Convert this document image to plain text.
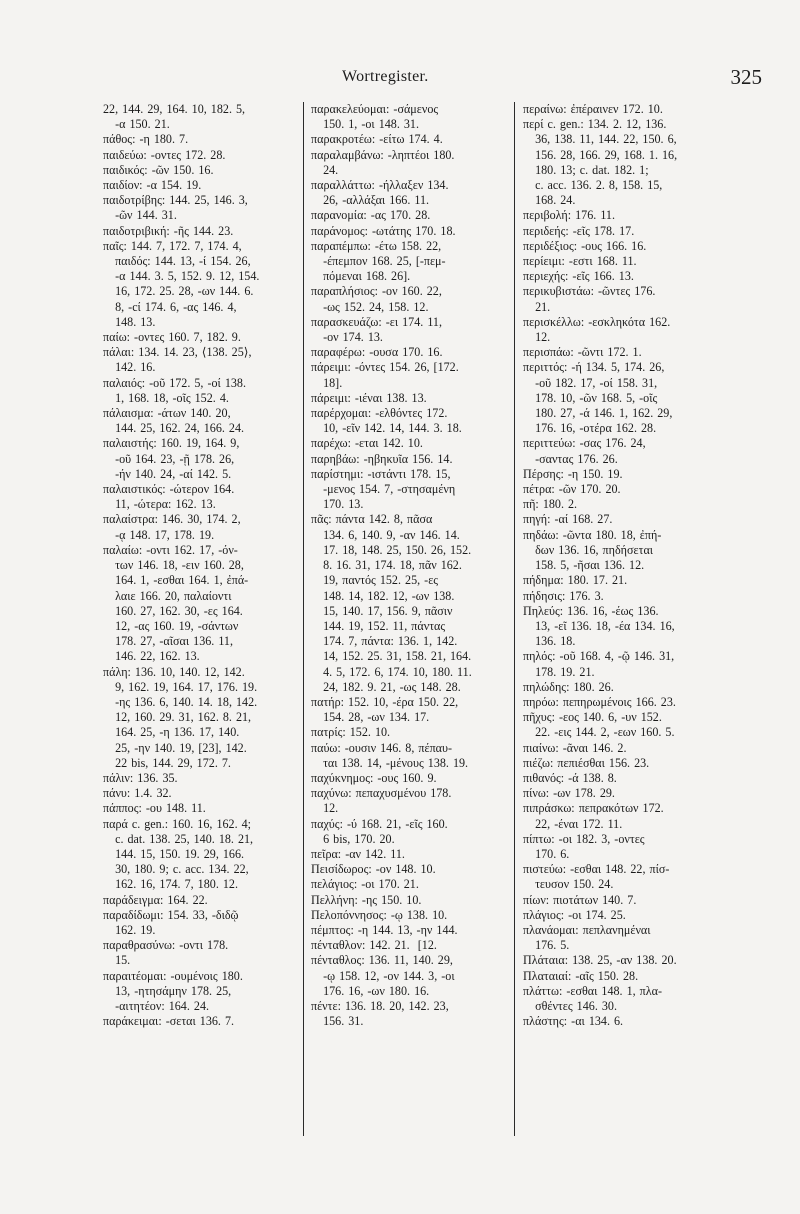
Wortregister.	325
22, 144. 29, 164. 10, 182. 5,
-α 150. 21.
πάθος: -η 180. 7.
παιδεύω: -οντες 172. 28.
παιδικός: -ῶν 150. 16.
παιδίον: -α 154. 19.
παιδοτρίβης: 144. 25, 146. 3,
-ῶν 144. 31.
παιδοτριβική: -ῆς 144. 23.
παῖς: 144. 7, 172. 7, 174. 4,
παιδός: 144. 13, -ί 154. 26,
-α 144. 3. 5, 152. 9. 12, 154.
16, 172. 25. 28, -ων 144. 6.
8, -cί 174. 6, -ας 146. 4,
148. 13.
παίω: -οντες 160. 7, 182. 9.
πάλαι: 134. 14. 23, ⟨138. 25⟩,
142. 16.
παλαιός: -οῦ 172. 5, -οί 138.
1, 168. 18, -οῖς 152. 4.
πάλαισμα: -άτων 140. 20,
144. 25, 162. 24, 166. 24.
παλαιστής: 160. 19, 164. 9,
-οῦ 164. 23, -ῇ 178. 26,
-ήν 140. 24, -αί 142. 5.
παλαιστικός: -ώτερον 164.
11, -ώτερα: 162. 13.
παλαίστρα: 146. 30, 174. 2,
-ᾳ 148. 17, 178. 19.
παλαίω: -οντι 162. 17, -όν-
των 146. 18, -ειν 160. 28,
164. 1, -εσθαι 164. 1, ἐπά-
λαιε 166. 20, παλαίοντι
160. 27, 162. 30, -ες 164.
12, -ας 160. 19, -σάντων
178. 27, -αῖσαι 136. 11,
146. 22, 162. 13.
πάλη: 136. 10, 140. 12, 142.
9, 162. 19, 164. 17, 176. 19.
-ης 136. 6, 140. 14. 18, 142.
12, 160. 29. 31, 162. 8. 21,
164. 25, -η 136. 17, 140.
25, -ην 140. 19, [23], 142.
22 bis, 144. 29, 172. 7.
πάλιν: 136. 35.
πάνυ: 1.4. 32.
πάππος: -ου 148. 11.
παρά c. gen.: 160. 16, 162. 4;
c. dat. 138. 25, 140. 18. 21,
144. 15, 150. 19. 29, 166.
30, 180. 9; c. acc. 134. 22,
162. 16, 174. 7, 180. 12.
παράδειγμα: 164. 22.
παραδίδωμι: 154. 33, -διδῷ
162. 19.
παραθρασύνω: -οντι 178.
15.
παραιτέομαι: -ουμένοις 180.
13, -ητησάμην 178. 25,
-αιτητέον: 164. 24.
παράκειμαι: -σεται 136. 7.
παρακελεύομαι: -σάμενος
150. 1, -οι 148. 31.
παρακροτέω: -είτω 174. 4.
παραλαμβάνω: -ληπτέοι 180.
24.
παραλλάττω: -ήλλαξεν 134.
26, -αλλάξαι 166. 11.
παρανομία: -ας 170. 28.
παράνομος: -ωτάτης 170. 18.
παραπέμπω: -έτω 158. 22,
-έπεμπον 168. 25, [-πεμ-
πόμεναι 168. 26].
παραπλήσιος: -ον 160. 22,
-ως 152. 24, 158. 12.
παρασκευάζω: -ει 174. 11,
-ον 174. 13.
παραφέρω: -ουσα 170. 16.
πάρειμι: -όντες 154. 26, [172.
18].
πάρειμι: -ιέναι 138. 13.
παρέρχομαι: -ελθόντες 172.
10, -εῖν 142. 14, 144. 3. 18.
παρέχω: -εται 142. 10.
παρηβάω: -ηβηκυῖα 156. 14.
παρίστημι: -ιστάντι 178. 15,
-μενος 154. 7, -στησαμένη
170. 13.
πᾶς: πάντα 142. 8, πᾶσα
134. 6, 140. 9, -αν 146. 14.
17. 18, 148. 25, 150. 26, 152.
8. 16. 31, 174. 18, πᾶν 162.
19, παντός 152. 25, -ες
148. 14, 182. 12, -ων 138.
15, 140. 17, 156. 9, πᾶσιν
144. 19, 152. 11, πάντας
174. 7, πάντα: 136. 1, 142.
14, 152. 25. 31, 158. 21, 164.
4. 5, 172. 6, 174. 10, 180. 11.
24, 182. 9. 21, -ως 148. 28.
πατήρ: 152. 10, -έρα 150. 22,
154. 28, -ων 134. 17.
πατρίς: 152. 10.
παύω: -ουσιν 146. 8, πέπαυ-
ται 138. 14, -μένους 138. 19.
παχύκνημος: -ους 160. 9.
παχύνω: πεπαχυσμένου 178.
12.
παχύς: -ύ 168. 21, -εῖς 160.
6 bis, 170. 20.
πεῖρα: -αν 142. 11.
Πεισίδωρος: -ον 148. 10.
πελάγιος: -οι 170. 21.
Πελλήνη: -ης 150. 10.
Πελοπόννησος: -ῳ 138. 10.
πέμπτος: -η 144. 13, -ην 144.
πένταθλον: 142. 21.  [12.
πένταθλος: 136. 11, 140. 29,
-ῳ 158. 12, -ον 144. 3, -οι
176. 16, -ων 180. 16.
πέντε: 136. 18. 20, 142. 23,
156. 31.
περαίνω: ἐπέραινεν 172. 10.
περί c. gen.: 134. 2. 12, 136.
36, 138. 11, 144. 22, 150. 6,
156. 28, 166. 29, 168. 1. 16,
180. 13; c. dat. 182. 1;
c. acc. 136. 2. 8, 158. 15,
168. 24.
περιβολή: 176. 11.
περιδεής: -εῖς 178. 17.
περιδέξιος: -ους 166. 16.
περίειμι: -εστι 168. 11.
περιεχής: -εῖς 166. 13.
περικυβιστάω: -ῶντες 176.
21.
περισκέλλω: -εσκληκότα 162.
12.
περισπάω: -ῶντι 172. 1.
περιττός: -ή 134. 5, 174. 26,
-οῦ 182. 17, -οί 158. 31,
178. 10, -ῶν 168. 5, -οῖς
180. 27, -ά 146. 1, 162. 29,
176. 16, -οτέρα 162. 28.
περιττεύω: -σας 176. 24,
-σαντας 176. 26.
Πέρσης: -η 150. 19.
πέτρα: -ῶν 170. 20.
πῆ: 180. 2.
πηγή: -αί 168. 27.
πηδάω: -ῶντα 180. 18, ἐπή-
δων 136. 16, πηδήσεται
158. 5, -ῆσαι 136. 12.
πήδημα: 180. 17. 21.
πήδησις: 176. 3.
Πηλεύς: 136. 16, -έως 136.
13, -εῖ 136. 18, -έα 134. 16,
136. 18.
πηλός: -οῦ 168. 4, -ῷ 146. 31,
178. 19. 21.
πηλώδης: 180. 26.
πηρόω: πεπηρωμένοις 166. 23.
πῆχυς: -εος 140. 6, -υν 152.
22. -εις 144. 2, -εων 160. 5.
πιαίνω: -ᾶναι 146. 2.
πιέζω: πεπιέσθαι 156. 23.
πιθανός: -ά 138. 8.
πίνω: -ων 178. 29.
πιπράσκω: πεπρακότων 172.
22, -έναι 172. 11.
πίπτω: -οι 182. 3, -οντες
170. 6.
πιστεύω: -εσθαι 148. 22, πίσ-
τευσον 150. 24.
πίων: πιοτάτων 140. 7.
πλάγιος: -οι 174. 25.
πλανάομαι: πεπλανημέναι
176. 5.
Πλάταια: 138. 25, -αν 138. 20.
Πλαταιαί: -αῖς 150. 28.
πλάττω: -εσθαι 148. 1, πλα-
σθέντες 146. 30.
πλάστης: -αι 134. 6.
